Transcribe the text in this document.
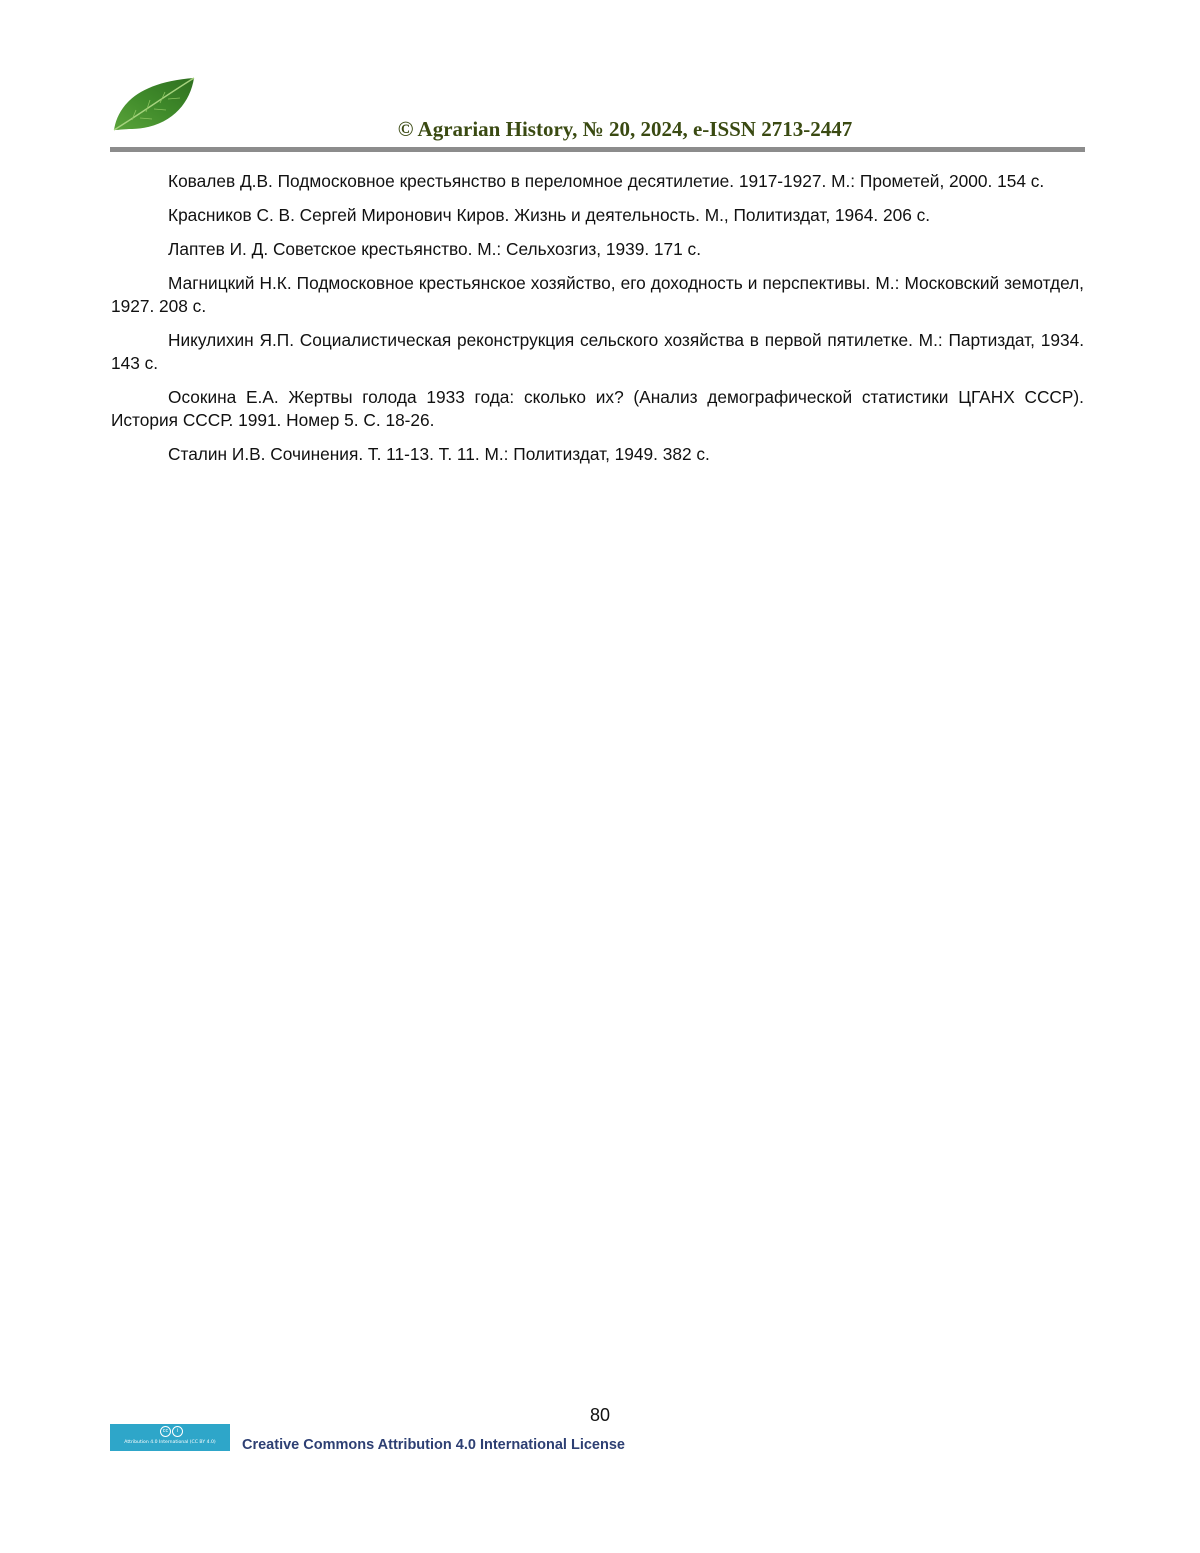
© Agrarian History, № 20, 2024, e-ISSN 2713-2447

Ковалев Д.В. Подмосковное крестьянство в переломное десятилетие. 1917-1927. М.: Прометей, 2000. 154 с.

Красников С. В. Сергей Миронович Киров. Жизнь и деятельность. М., Политиздат, 1964. 206 с.

Лаптев И. Д. Советское крестьянство. М.: Сельхозгиз, 1939. 171 с.

Магницкий Н.К. Подмосковное крестьянское хозяйство, его доходность и перспективы. М.: Московский земотдел, 1927. 208 с.

Никулихин Я.П. Социалистическая реконструкция сельского хозяйства в первой пятилетке. М.: Партиздат, 1934. 143 с.

Осокина Е.А. Жертвы голода 1933 года: сколько их? (Анализ демографической статистики ЦГАНХ СССР). История СССР. 1991. Номер 5. С. 18-26.

Сталин И.В. Сочинения. Т. 11-13. Т. 11. М.: Политиздат, 1949. 382 с.

80
cc	i
Attribution 4.0 International (CC BY 4.0)	Creative Commons Attribution 4.0 International License
